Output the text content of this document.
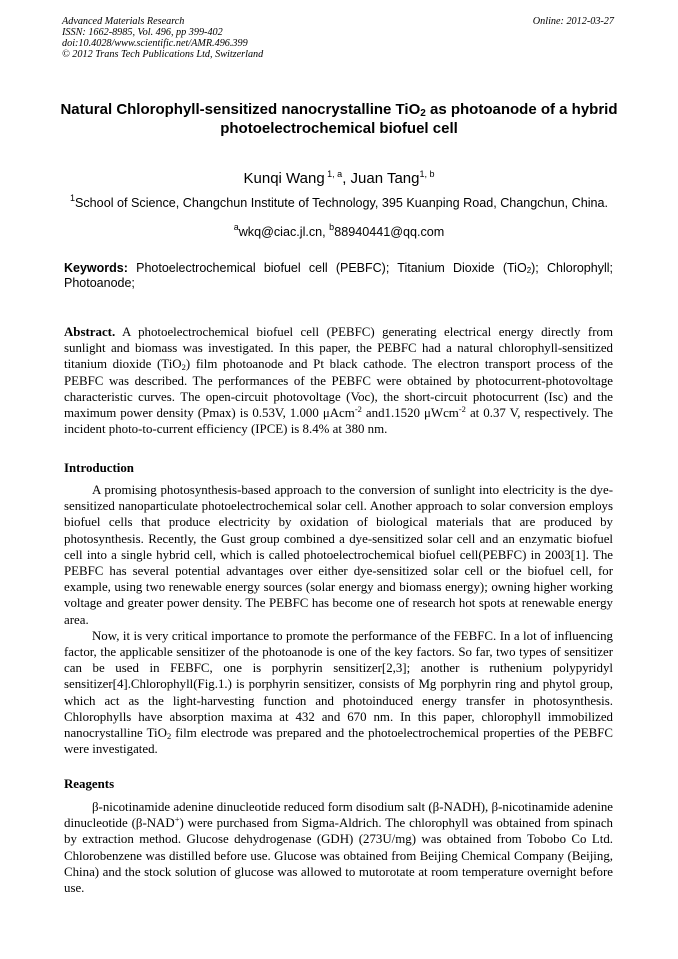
Advanced Materials Research
ISSN: 1662-8985, Vol. 496, pp 399-402
doi:10.4028/www.scientific.net/AMR.496.399
© 2012 Trans Tech Publications Ltd, Switzerland
Online: 2012-03-27
Natural Chlorophyll-sensitized nanocrystalline TiO$_2$ as photoanode of a hybrid photoelectrochemical biofuel cell
Kunqi Wang $^{1, a}$, Juan Tang$^{1, b}$
$^1$School of Science, Changchun Institute of Technology, 395 Kuanping Road, Changchun, China.
$^a$wkq@ciac.jl.cn, $^b$88940441@qq.com
Keywords: Photoelectrochemical biofuel cell (PEBFC); Titanium Dioxide (TiO$_2$); Chlorophyll; Photoanode;

Abstract. A photoelectrochemical biofuel cell (PEBFC) generating electrical energy directly from sunlight and biomass was investigated. In this paper, the PEBFC had a natural chlorophyll-sensitized titanium dioxide (TiO$_2$) film photoanode and Pt black cathode. The electron transport process of the PEBFC was described. The performances of the PEBFC were obtained by photocurrent-photovoltage characteristic curves. The open-circuit photovoltage (Voc), the short-circuit photocurrent (Isc) and the maximum power density (Pmax) is 0.53V, 1.000 μAcm$^{-2}$ and1.1520 μWcm$^{-2}$ at 0.37 V, respectively. The incident photo-to-current efficiency (IPCE) is 8.4% at 380 nm.

Introduction

A promising photosynthesis-based approach to the conversion of sunlight into electricity is the dye-sensitized nanoparticulate photoelectrochemical solar cell. Another approach to solar conversion employs biofuel cells that produce electricity by oxidation of biological materials that are produced by photosynthesis. Recently, the Gust group combined a dye-sensitized solar cell and an enzymatic biofuel cell into a single hybrid cell, which is called photoelectrochemical biofuel cell(PEBFC) in 2003[1]. The PEBFC has several potential advantages over either dye-sensitized solar cell or the biofuel cell, for example, using two renewable energy sources (solar energy and biomass energy); owning higher working voltage and greater power density. The PEBFC has become one of research hot spots at renewable energy area.

Now, it is very critical importance to promote the performance of the FEBFC. In a lot of influencing factor, the applicable sensitizer of the photoanode is one of the key factors. So far, two types of sensitizer can be used in FEBFC, one is porphyrin sensitizer[2,3]; another is ruthenium polypyridyl sensitizer[4].Chlorophyll(Fig.1.) is porphyrin sensitizer, consists of Mg porphyrin ring and phytol group, which act as the light-harvesting function and photoinduced energy transfer in photosynthesis. Chlorophylls have absorption maxima at 432 and 670 nm. In this paper, chlorophyll immobilized nanocrystalline TiO$_2$ film electrode was prepared and the photoelectrochemical properties of the PEBFC were investigated.

Reagents

β-nicotinamide adenine dinucleotide reduced form disodium salt (β-NADH), β-nicotinamide adenine dinucleotide (β-NAD+) were purchased from Sigma-Aldrich. The chlorophyll was obtained from spinach by extraction method. Glucose dehydrogenase (GDH) (273U/mg) was obtained from Tobobo Co Ltd. Chlorobenzene was distilled before use. Glucose was obtained from Beijing Chemical Company (Beijing, China) and the stock solution of glucose was allowed to mutorotate at room temperature overnight before use.
